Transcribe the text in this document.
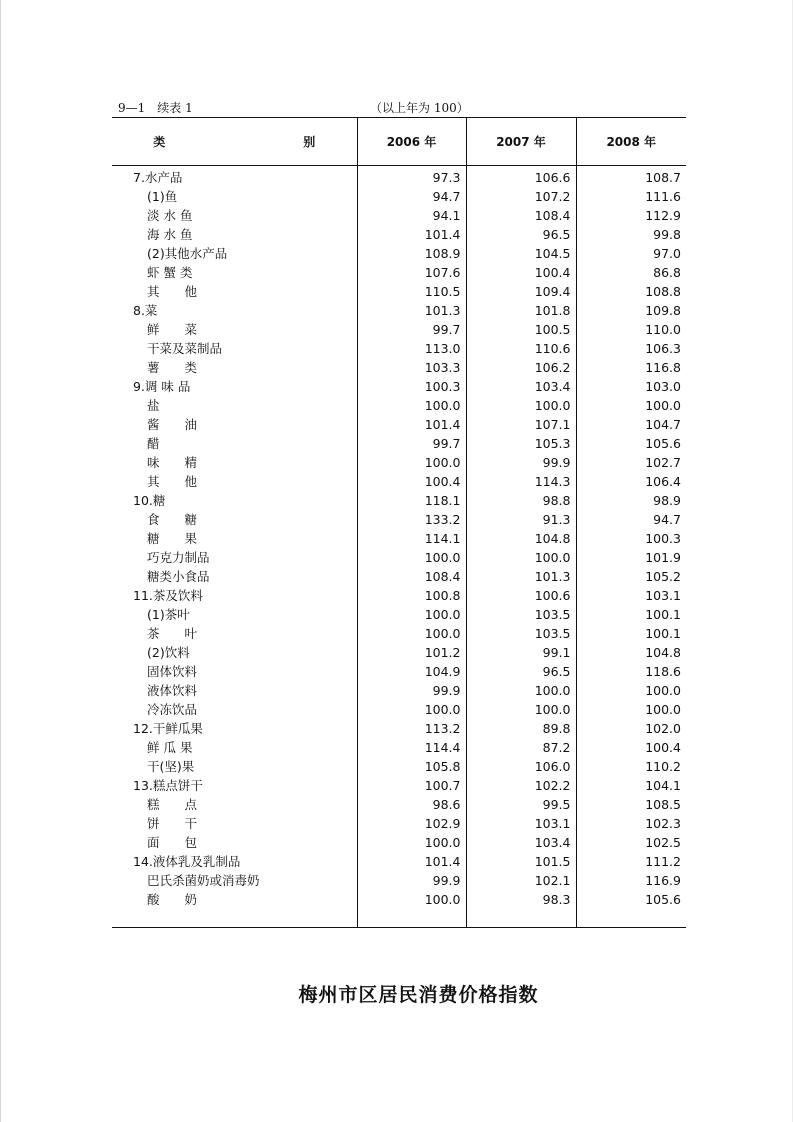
9—1　续表 1	（以上年为 100）
类　　别	2006 年	2007 年	2008 年
7.水产品	97.3	106.6	108.7
(1)鱼	94.7	107.2	111.6
淡 水 鱼	94.1	108.4	112.9
海 水 鱼	101.4	96.5	99.8
(2)其他水产品	108.9	104.5	97.0
虾 蟹 类	107.6	100.4	86.8
其　　他	110.5	109.4	108.8
8.菜	101.3	101.8	109.8
鲜　　菜	99.7	100.5	110.0
干菜及菜制品	113.0	110.6	106.3
薯　　类	103.3	106.2	116.8
9.调 味 品	100.3	103.4	103.0
盐	100.0	100.0	100.0
酱　　油	101.4	107.1	104.7
醋	99.7	105.3	105.6
味　　精	100.0	99.9	102.7
其　　他	100.4	114.3	106.4
10.糖	118.1	98.8	98.9
食　　糖	133.2	91.3	94.7
糖　　果	114.1	104.8	100.3
巧克力制品	100.0	100.0	101.9
糖类小食品	108.4	101.3	105.2
11.茶及饮料	100.8	100.6	103.1
(1)茶叶	100.0	103.5	100.1
茶　　叶	100.0	103.5	100.1
(2)饮料	101.2	99.1	104.8
固体饮料	104.9	96.5	118.6
液体饮料	99.9	100.0	100.0
冷冻饮品	100.0	100.0	100.0
12.干鲜瓜果	113.2	89.8	102.0
鲜 瓜 果	114.4	87.2	100.4
干(坚)果	105.8	106.0	110.2
13.糕点饼干	100.7	102.2	104.1
糕　　点	98.6	99.5	108.5
饼　　干	102.9	103.1	102.3
面　　包	100.0	103.4	102.5
14.液体乳及乳制品	101.4	101.5	111.2
巴氏杀菌奶或消毒奶	99.9	102.1	116.9
酸　　奶	100.0	98.3	105.6

梅州市区居民消费价格指数
